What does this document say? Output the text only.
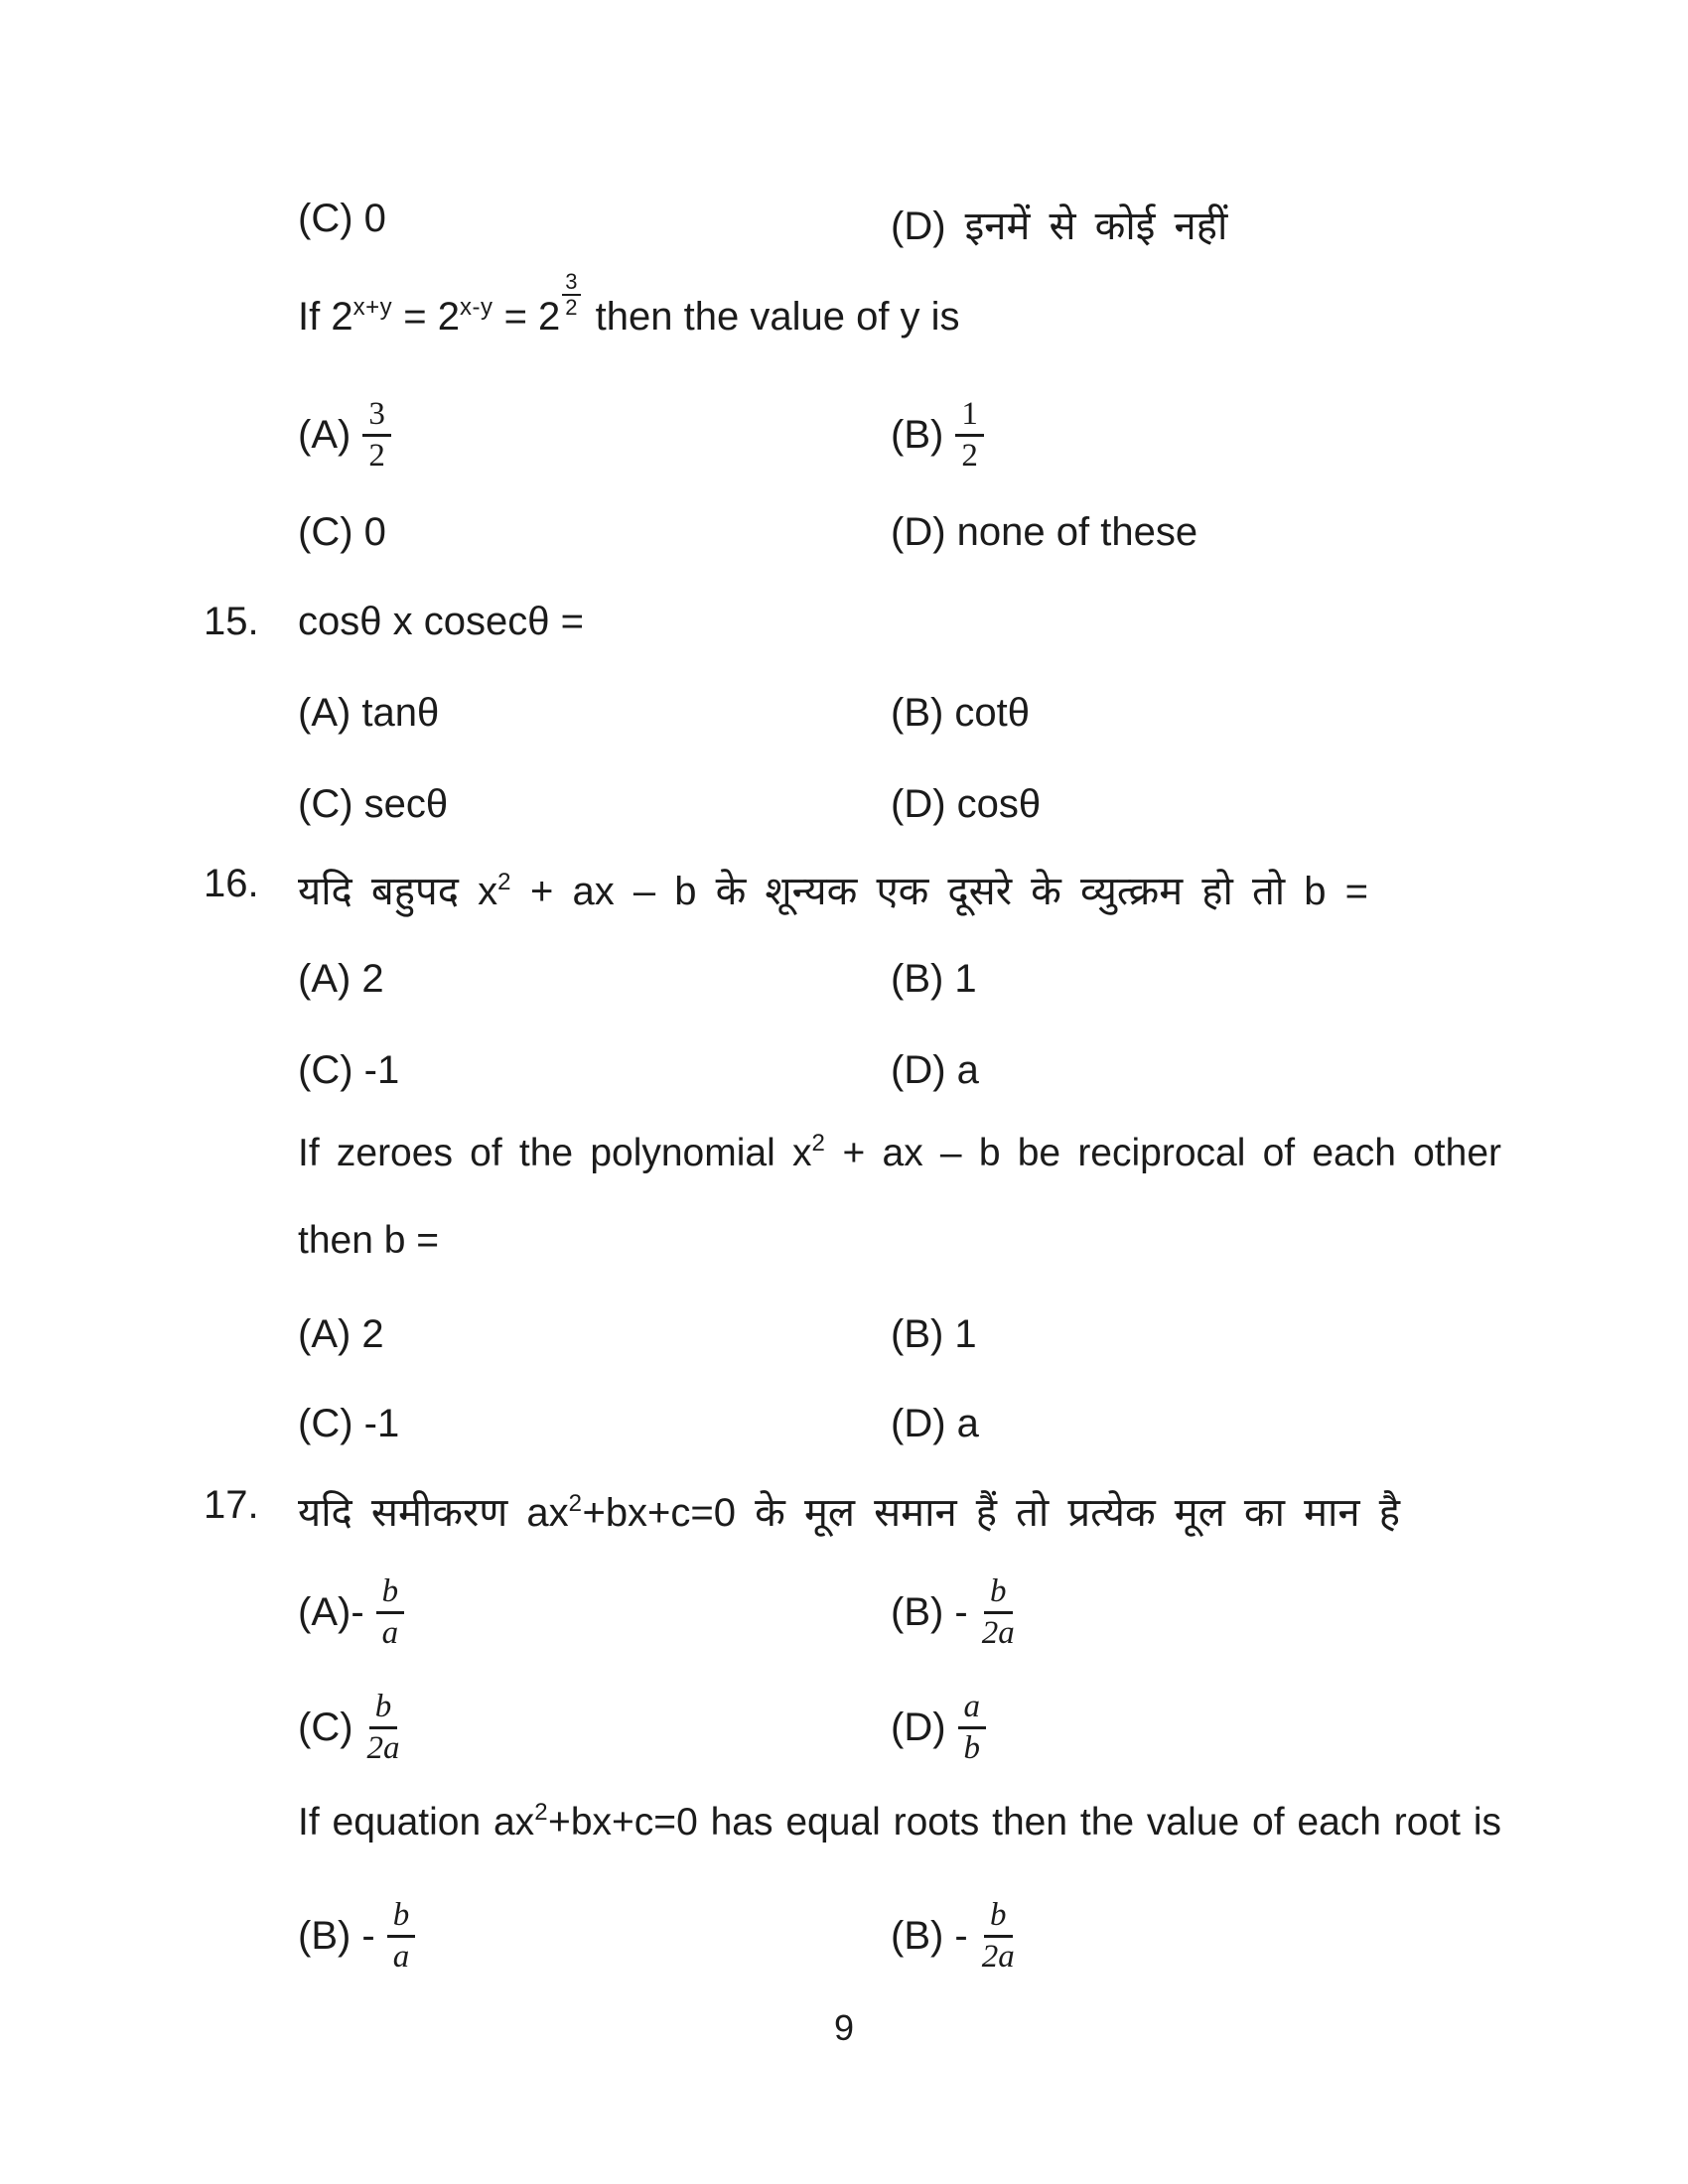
(C) 0	(D) इनमें से कोई नहीं
If $2^{x+y} = 2^{x-y} = 2 \frac{3}{2}$ then the value of y is
$(A) \frac{3}{2}$	$(B) \frac{1}{2}$
(C) 0	(D) none of these
15. cosθ x cosecθ =
(A) tanθ	(B) cotθ
(C) secθ	(D) cosθ
16. यदि बहुपद $x^2$ + ax – b के शून्यक एक दूसरे के व्युत्क्रम हो तो b =
(A) 2	(B) 1
(C) -1	(D) a
If zeroes of the polynomial $x^2$ + ax – b be reciprocal of each other
then b =
(A) 2	(B) 1
(C) -1	(D) a
17. यदि समीकरण $ax^2+bx+c=0$ के मूल समान हैं तो प्रत्येक मूल का मान है
$(A)- \frac{b}{a}$	$(B) - \frac{b}{2a}$
$(C) \frac{b}{2a}$	$(D) \frac{a}{b}$
If equation $ax^2+bx+c=0$ has equal roots then the value of each root is
$(B) - \frac{b}{a}$	$(B) - \frac{b}{2a}$
9
